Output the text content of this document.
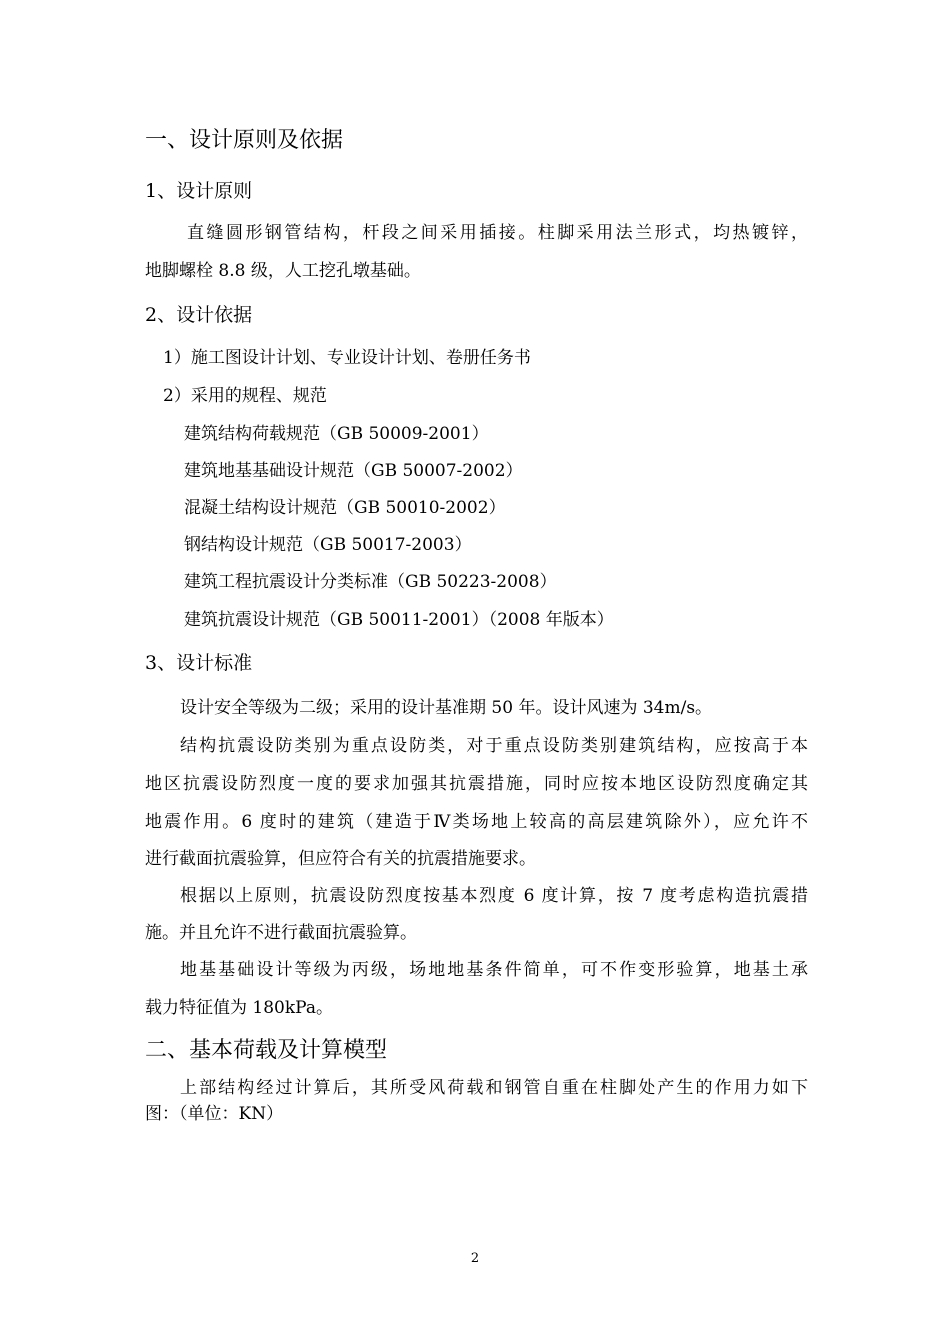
一、设计原则及依据
1、设计原则
直缝圆形钢管结构，杆段之间采用插接。柱脚采用法兰形式，均热镀锌，
地脚螺栓 8.8 级，人工挖孔墩基础。
2、设计依据
1）施工图设计计划、专业设计计划、卷册任务书
2）采用的规程、规范
建筑结构荷载规范（GB 50009-2001）
建筑地基基础设计规范（GB 50007-2002）
混凝土结构设计规范（GB 50010-2002）
钢结构设计规范（GB 50017-2003）
建筑工程抗震设计分类标准（GB 50223-2008）
建筑抗震设计规范（GB 50011-2001）（2008 年版本）
3、设计标准
设计安全等级为二级；采用的设计基准期 50 年。设计风速为 34m/s。
结构抗震设防类别为重点设防类，对于重点设防类别建筑结构，应按高于本
地区抗震设防烈度一度的要求加强其抗震措施，同时应按本地区设防烈度确定其
地震作用。6 度时的建筑（建造于Ⅳ类场地上较高的高层建筑除外），应允许不
进行截面抗震验算，但应符合有关的抗震措施要求。
根据以上原则，抗震设防烈度按基本烈度 6 度计算，按 7 度考虑构造抗震措
施。并且允许不进行截面抗震验算。
地基基础设计等级为丙级，场地地基条件简单，可不作变形验算，地基土承
载力特征值为 180kPa。
二、基本荷载及计算模型
上部结构经过计算后，其所受风荷载和钢管自重在柱脚处产生的作用力如下
图：（单位：KN）
2
